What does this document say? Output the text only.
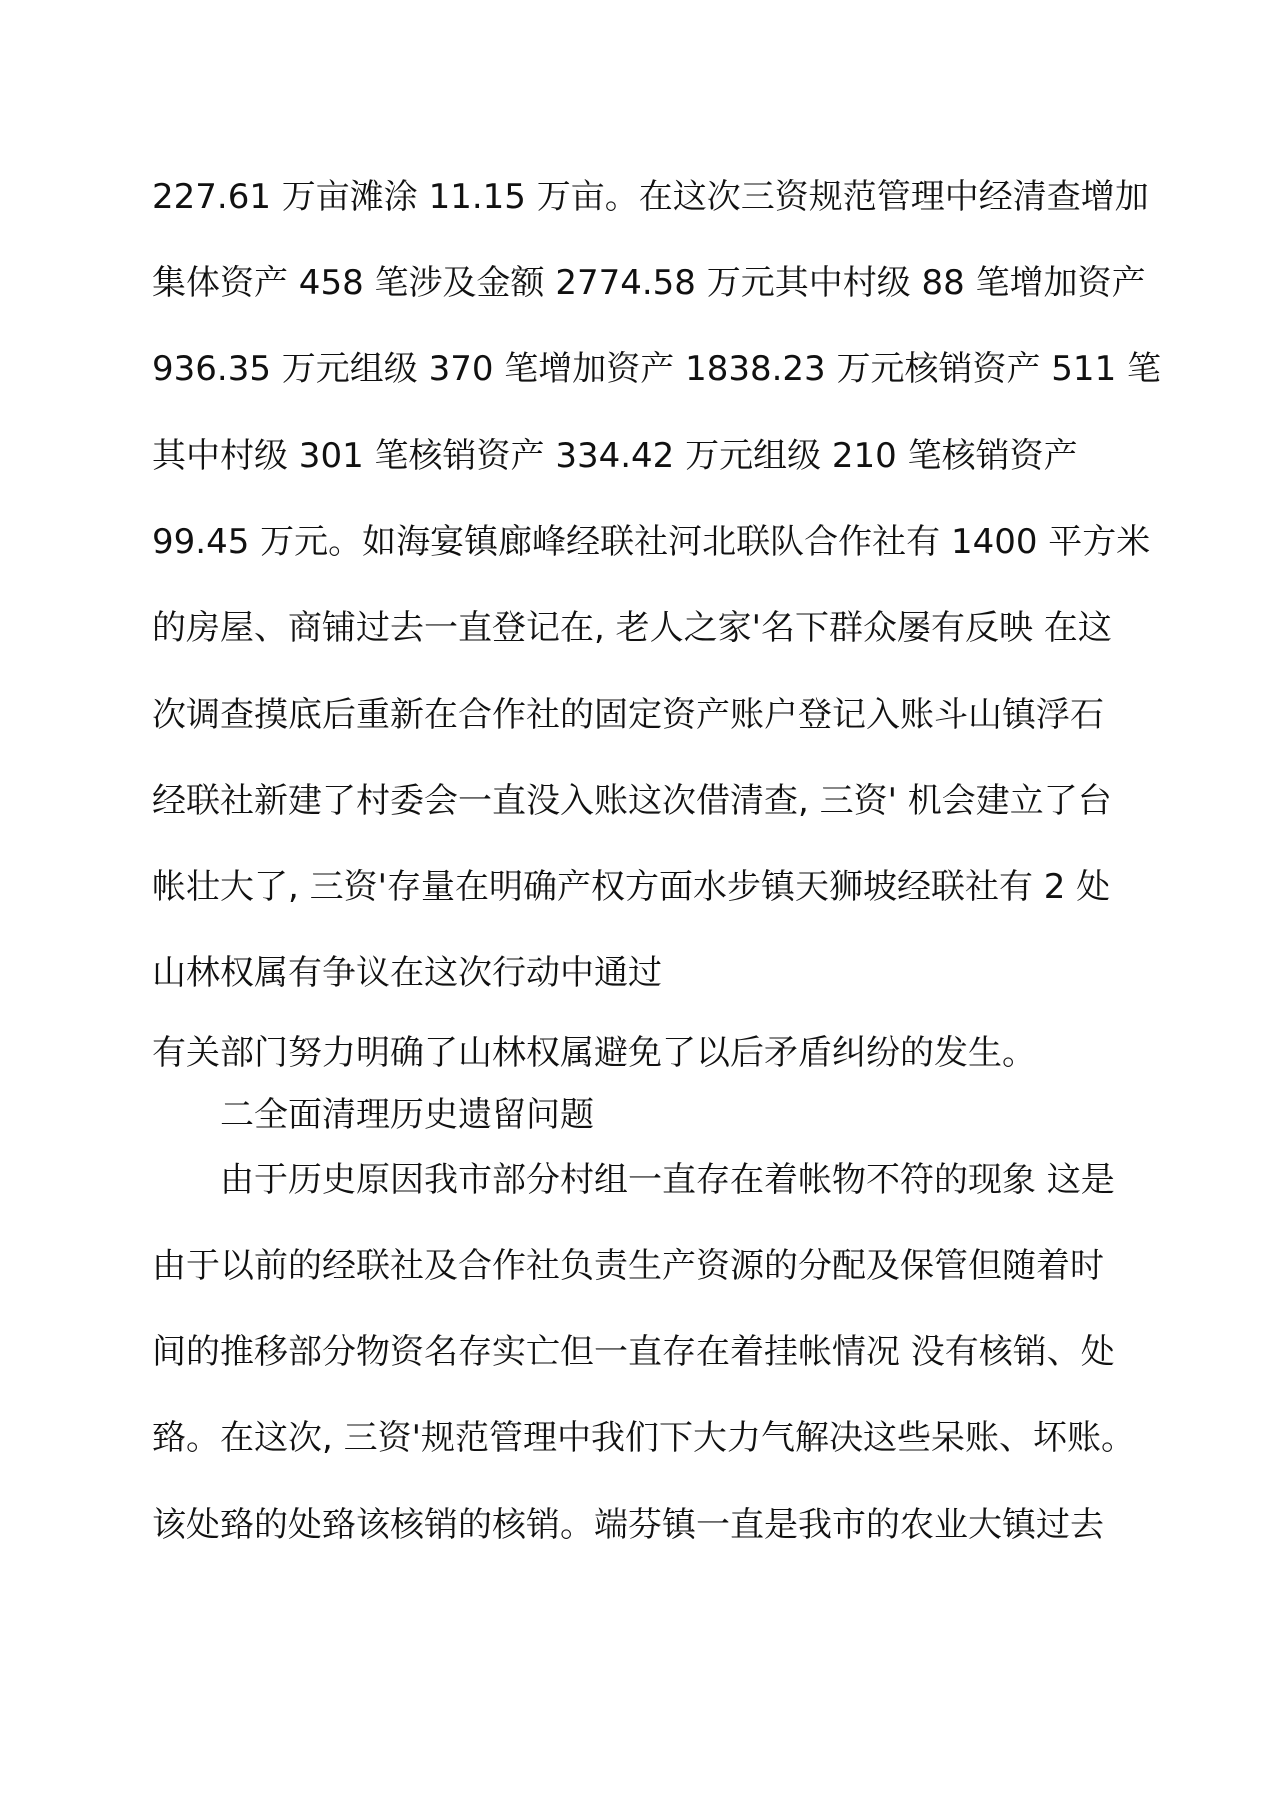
227.61 万亩滩涂 11.15 万亩。在这次三资规范管理中经清查增加
集体资产 458 笔涉及金额 2774.58 万元其中村级 88 笔增加资产
936.35 万元组级 370 笔增加资产 1838.23 万元核销资产 511 笔
其中村级 301 笔核销资产 334.42 万元组级 210 笔核销资产
99.45 万元。如海宴镇廊峰经联社河北联队合作社有 1400 平方米
的房屋、商铺过去一直登记在, 老人之家'名下群众屡有反映 在这
次调查摸底后重新在合作社的固定资产账户登记入账斗山镇浮石
经联社新建了村委会一直没入账这次借清查, 三资' 机会建立了台
帐壮大了, 三资'存量在明确产权方面水步镇天狮坡经联社有 2 处
山林权属有争议在这次行动中通过
有关部门努力明确了山林权属避免了以后矛盾纠纷的发生。
二全面清理历史遗留问题
由于历史原因我市部分村组一直存在着帐物不符的现象 这是
由于以前的经联社及合作社负责生产资源的分配及保管但随着时
间的推移部分物资名存实亡但一直存在着挂帐情况 没有核销、处
臵。在这次, 三资'规范管理中我们下大力气解决这些呆账、坏账。
该处臵的处臵该核销的核销。端芬镇一直是我市的农业大镇过去
